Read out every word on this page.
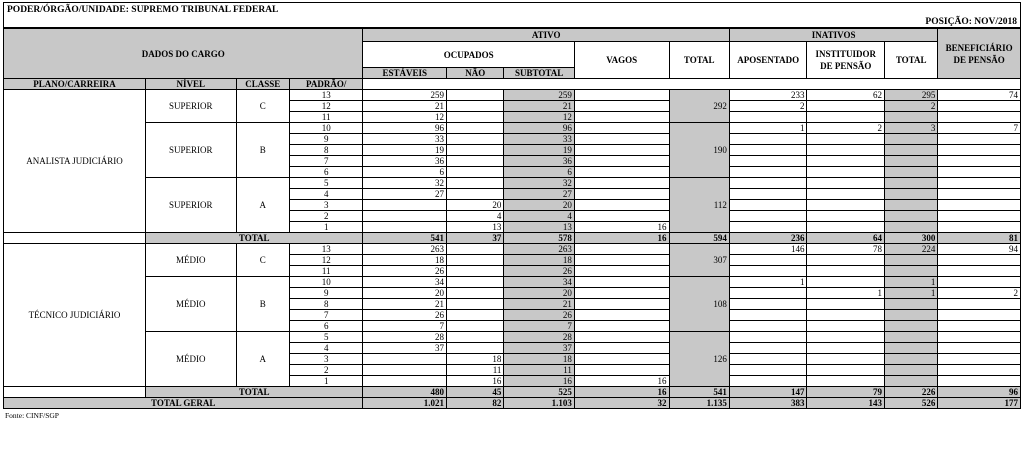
PODER/ÓRGÃO/UNIDADE: SUPREMO TRIBUNAL FEDERAL
POSIÇÃO: NOV/2018
DADOS DO CARGO				ATIVO					INATIVOS			BENEFICIÁRIO DE PENSÃO
				OCUPADOS			VAGOS	TOTAL	APOSENTADO	INSTITUIDOR DE PENSÃO	TOTAL	
				ESTÁVEIS	NÃO	SUBTOTAL						
PLANO/CARREIRA	NÍVEL	CLASSE	PADRÃO/									
ANALISTA JUDICIÁRIO	SUPERIOR	C	13	259		259		292	233	62	295	74
			12	21		21			2		2	
			11	12		12						
	SUPERIOR	B	10	96		96		190	1	2	3	7
			9	33		33						
			8	19		19						
			7	36		36						
			6	6		6						
	SUPERIOR	A	5	32		32		112				
			4	27		27						
			3		20	20						
			2		4	4						
			1		13	13	16					
	TOTAL			541	37	578	16	594	236	64	300	81
TÉCNICO JUDICIÁRIO	MÉDIO	C	13	263		263		307	146	78	224	94
			12	18		18						
			11	26		26						
	MÉDIO	B	10	34		34		108	1		1	
			9	20		20				1	1	2
			8	21		21						
			7	26		26						
			6	7		7						
	MÉDIO	A	5	28		28		126				
			4	37		37						
			3		18	18						
			2		11	11						
			1		16	16	16					
	TOTAL			480	45	525	16	541	147	79	226	96
TOTAL GERAL				1.021	82	1.103	32	1.135	383	143	526	177
Fonte: CINF/SGP
